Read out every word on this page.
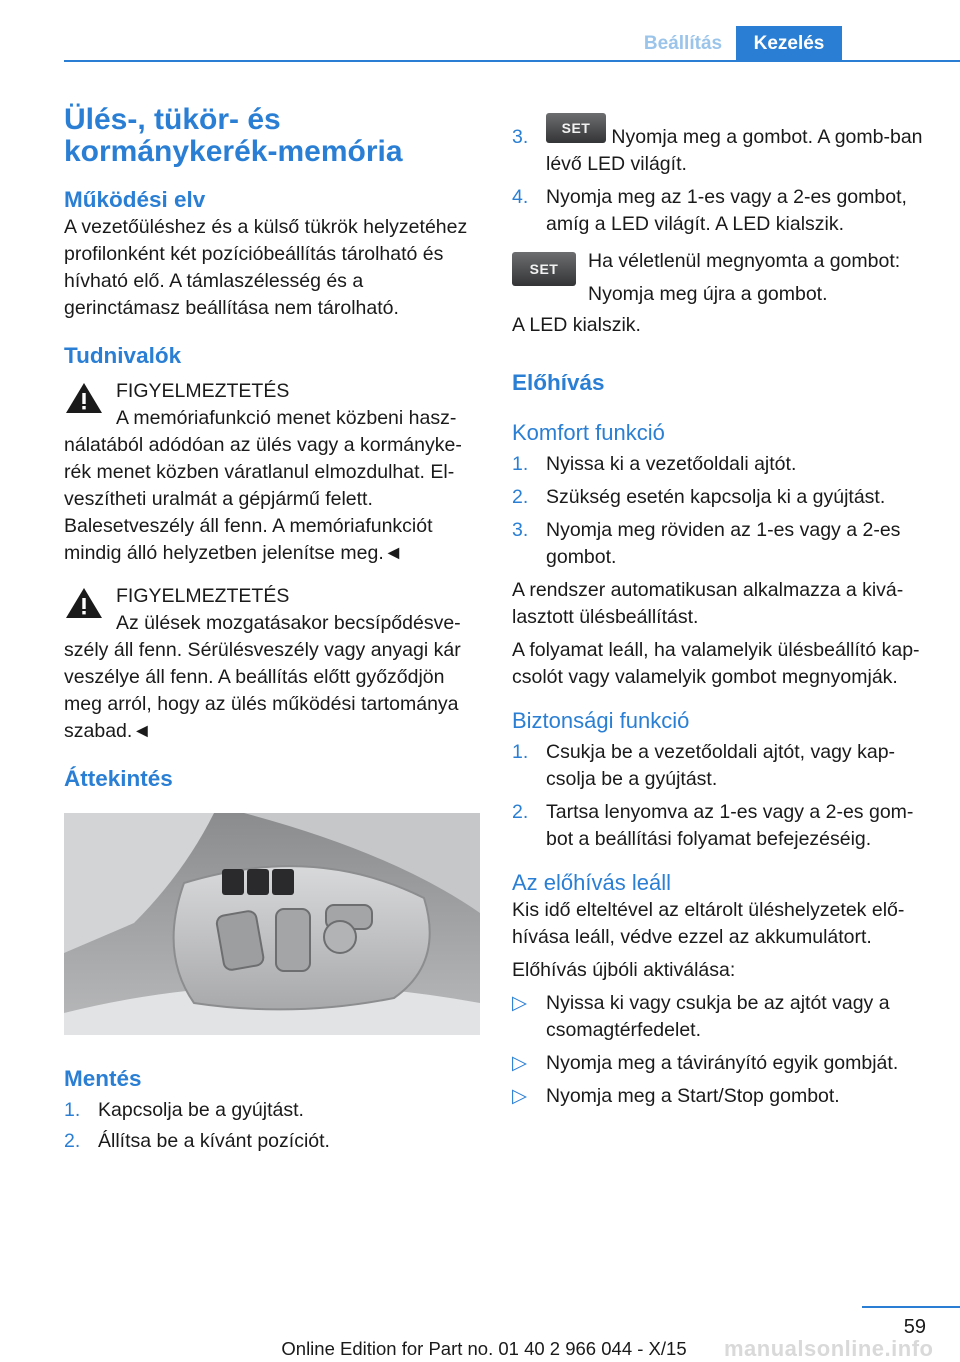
Beállítás	Kezelés
Ülés-, tükör- és
kormánykerék-memória
Működési elv

A vezetőüléshez és a külső tükrök helyzetéhez profilonként két pozícióbeállítás tárolható és hívható elő. A támlaszélesség és a gerinctámasz beállítása nem tárolható.

Tudnivalók
FIGYELMEZTETÉS
A memóriafunkció menet közbeni hasz-

nálatából adódóan az ülés vagy a kormányke-rék menet közben váratlanul elmozdulhat. El-veszítheti uralmát a gépjármű felett. Balesetveszély áll fenn. A memóriafunkciót mindig álló helyzetben jelenítse meg.◄

FIGYELMEZTETÉS
Az ülések mozgatásakor becsípődésve-

szély áll fenn. Sérülésveszély vagy anyagi kár veszélye áll fenn. A beállítás előtt győződjön meg arról, hogy az ülés működési tartománya szabad.◄

Áttekintés
Mentés
1. Kapcsolja be a gyújtást.
2. Állítsa be a kívánt pozíciót.
3.	SET Nyomja meg a gombot. A gomb-ban lévő LED világít.
4. Nyomja meg az 1-es vagy a 2-es gombot, amíg a LED világít. A LED kialszik.
SET	Ha véletlenül megnyomta a gombot:
Nyomja meg újra a gombot.

A LED kialszik.

Előhívás
Komfort funkció
1. Nyissa ki a vezetőoldali ajtót.
2. Szükség esetén kapcsolja ki a gyújtást.
3. Nyomja meg röviden az 1-es vagy a 2-es gombot.

A rendszer automatikusan alkalmazza a kivá-lasztott ülésbeállítást.

A folyamat leáll, ha valamelyik ülésbeállító kap-csolót vagy valamelyik gombot megnyomják.

Biztonsági funkció
1. Csukja be a vezetőoldali ajtót, vagy kap-csolja be a gyújtást.
2. Tartsa lenyomva az 1-es vagy a 2-es gom-bot a beállítási folyamat befejezéséig.
Az előhívás leáll

Kis idő elteltével az eltárolt üléshelyzetek elő-hívása leáll, védve ezzel az akkumulátort.

Előhívás újbóli aktiválása:

▷ Nyissa ki vagy csukja be az ajtót vagy a csomagtérfedelet.
▷ Nyomja meg a távirányító egyik gombját.
▷ Nyomja meg a Start/Stop gombot.
59
manualsonline.info
Online Edition for Part no. 01 40 2 966 044 - X/15
